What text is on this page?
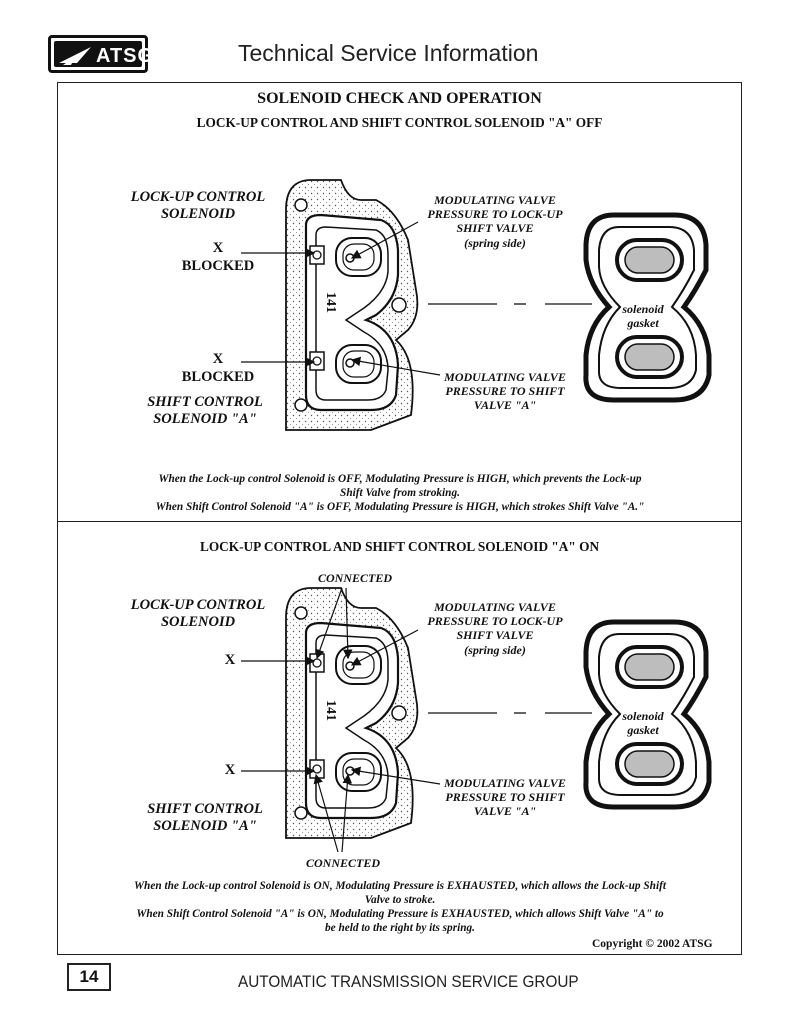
ATSG	Technical Service Information
SOLENOID CHECK AND OPERATION
LOCK-UP CONTROL AND SHIFT CONTROL SOLENOID "A" OFF
LOCK-UP CONTROL
SOLENOID
X
BLOCKED
X
BLOCKED
SHIFT CONTROL
SOLENOID "A"
MODULATING VALVE
PRESSURE TO LOCK-UP
SHIFT VALVE
(spring side)
MODULATING VALVE
PRESSURE TO SHIFT
VALVE "A"
141	solenoid
gasket
When the Lock-up control Solenoid is OFF, Modulating Pressure is HIGH, which prevents the Lock-up
Shift Valve from stroking.
When Shift Control Solenoid "A" is OFF, Modulating Pressure is HIGH, which strokes Shift Valve "A."
LOCK-UP CONTROL AND SHIFT CONTROL SOLENOID "A" ON
CONNECTED
LOCK-UP CONTROL
SOLENOID
X
X
SHIFT CONTROL
SOLENOID "A"
MODULATING VALVE
PRESSURE TO LOCK-UP
SHIFT VALVE
(spring side)
MODULATING VALVE
PRESSURE TO SHIFT
VALVE "A"
141	solenoid
gasket
CONNECTED
When the Lock-up control Solenoid is ON, Modulating Pressure is EXHAUSTED, which allows the Lock-up Shift
Valve to stroke.
When Shift Control Solenoid "A" is ON, Modulating Pressure is EXHAUSTED, which allows Shift Valve "A" to
be held to the right by its spring.
Copyright © 2002 ATSG
14	AUTOMATIC TRANSMISSION SERVICE GROUP
